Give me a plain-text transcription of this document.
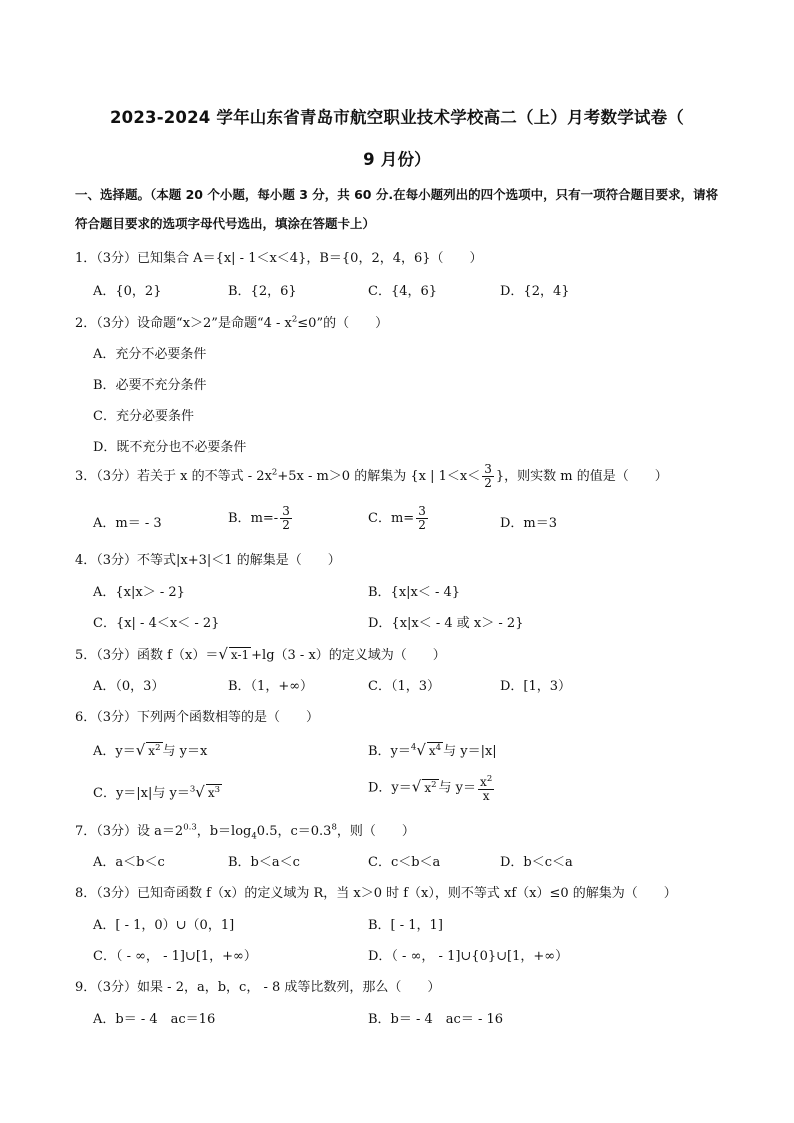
2023-2024 学年山东省青岛市航空职业技术学校高二（上）月考数学试卷（
9 月份）
一、选择题。（本题 20 个小题，每小题 3 分，共 60 分.在每小题列出的四个选项中，只有一项符合题目要求，请将符合题目要求的选项字母代号选出，填涂在答题卡上）
1．（3分）已知集合 A＝{x| - 1＜x＜4}，B＝{0，2，4，6}（　　）
A．{0，2}	B．{2，6}	C．{4，6}	D．{2，4}
2．（3分）设命题“x＞2”是命题“$4 - x^2\le 0$”的（　　）
A．充分不必要条件
B．必要不充分条件
C．充分必要条件
D．既不充分也不必要条件
3．（3分）若关于 x 的不等式 - $2x^2+5x - m>0$ 的解集为 {x | $1<x< \frac{3}{2}$ }，则实数 m 的值是（　　）
A．m＝ - 3	B．$m=- \frac{3}{2}$	C．$m= \frac{3}{2}$	D．m＝3
4．（3分）不等式|x+3|＜1 的解集是（　　）
A．{x|x＞ - 2}	B．{x|x＜ - 4}
C．{x| - 4＜x＜ - 2}	D．{x|x＜ - 4 或 x＞ - 2}
5．（3分）函数 f（x）＝√ x-1 +lg（3 - x）的定义域为（　　）
A．（0，3）	B．（1，+∞）	C．（1，3）	D．[1，3）
6．（3分）下列两个函数相等的是（　　）
A．y＝√ $x^2$ 与 y＝x	B．y＝$^4$√ $x^4$ 与 y＝|x|
C．y＝|x|与 y＝$^3$√ $x^3$	D．y＝√ $x^2$ 与 $y= \frac{x^2}{x}$
7．（3分）设 $a=2^{0.3}$，$b=\log_40.5$，$c=0.3^8$，则（　　）
A．a＜b＜c	B．b＜a＜c	C．c＜b＜a	D．b＜c＜a
8．（3分）已知奇函数 f（x）的定义域为 R，当 x＞0 时 f（x），则不等式 xf（x）≤0 的解集为（　　）
A．[ - 1，0）∪（0，1]	B．[ - 1，1]
C．（ - ∞， - 1]∪[1，+∞）	D．（ - ∞， - 1]∪{0}∪[1，+∞）
9．（3分）如果 - 2，a，b，c， - 8 成等比数列，那么（　　）
A．b＝ - 4　ac＝16	B．b＝ - 4　ac＝ - 16
